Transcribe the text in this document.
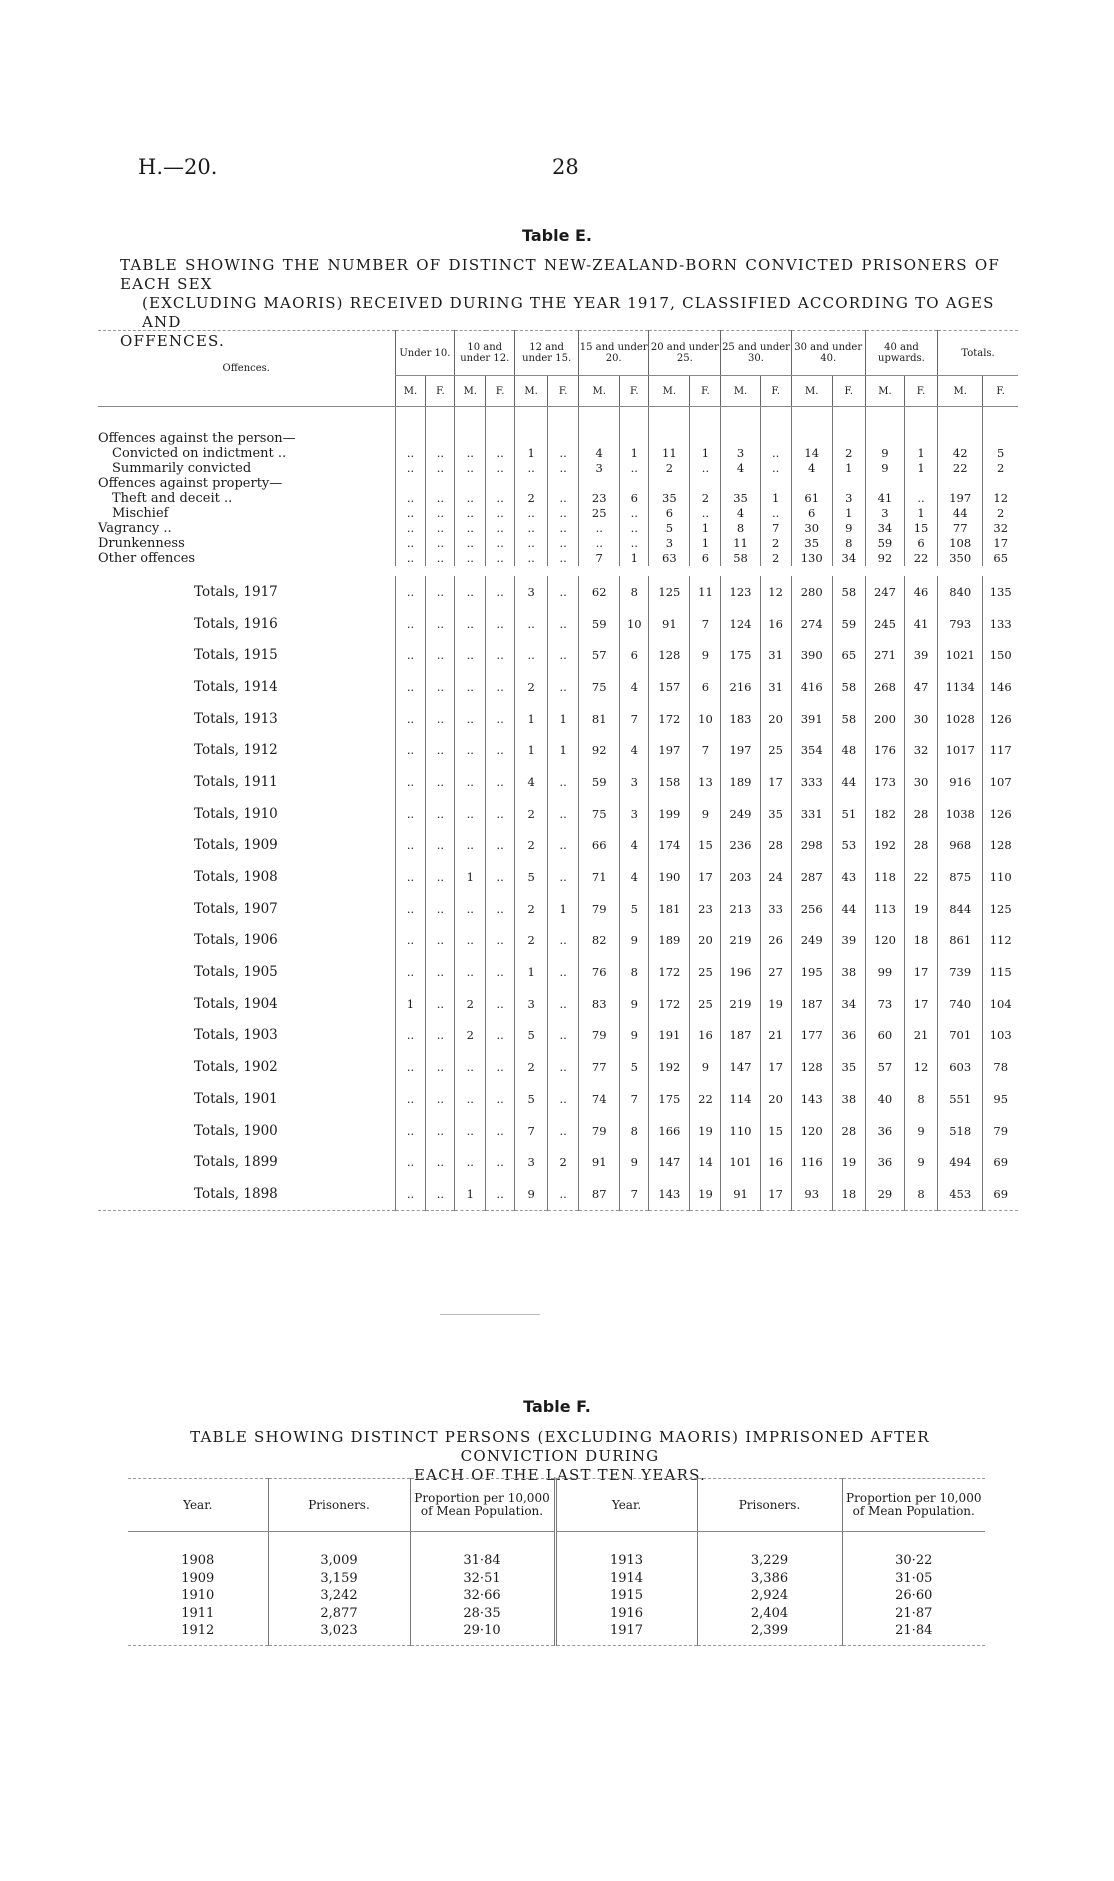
H.—20.	28
Table E.
TABLE SHOWING THE NUMBER OF DISTINCT NEW-ZEALAND-BORN CONVICTED PRISONERS OF EACH SEX
(EXCLUDING MAORIS) RECEIVED DURING THE YEAR 1917, CLASSIFIED ACCORDING TO AGES AND
OFFENCES.
Offences.	Under 10.		10 and under 12.		12 and under 15.		15 and under 20.		20 and under 25.		25 and under 30.		30 and under 40.		40 and upwards.		Totals.	
	M.	F.	M.	F.	M.	F.	M.	F.	M.	F.	M.	F.	M.	F.	M.	F.	M.	F.

Offences against the person—																		
Convicted on indictment ..	..	..	..	..	1	..	4	1	11	1	3	..	14	2	9	1	42	5
Summarily convicted	..	..	..	..	..	..	3	..	2	..	4	..	4	1	9	1	22	2
Offences against property—																		
Theft and deceit ..	..	..	..	..	2	..	23	6	35	2	35	1	61	3	41	..	197	12
Mischief	..	..	..	..	..	..	25	..	6	..	4	..	6	1	3	1	44	2
Vagrancy ..	..	..	..	..	..	..	..	..	5	1	8	7	30	9	34	15	77	32
Drunkenness	..	..	..	..	..	..	..	..	3	1	11	2	35	8	59	6	108	17
Other offences	..	..	..	..	..	..	7	1	63	6	58	2	130	34	92	22	350	65

Totals, 1917	..	..	..	..	3	..	62	8	125	11	123	12	280	58	247	46	840	135
Totals, 1916	..	..	..	..	..	..	59	10	91	7	124	16	274	59	245	41	793	133
Totals, 1915	..	..	..	..	..	..	57	6	128	9	175	31	390	65	271	39	1021	150
Totals, 1914	..	..	..	..	2	..	75	4	157	6	216	31	416	58	268	47	1134	146
Totals, 1913	..	..	..	..	1	1	81	7	172	10	183	20	391	58	200	30	1028	126
Totals, 1912	..	..	..	..	1	1	92	4	197	7	197	25	354	48	176	32	1017	117
Totals, 1911	..	..	..	..	4	..	59	3	158	13	189	17	333	44	173	30	916	107
Totals, 1910	..	..	..	..	2	..	75	3	199	9	249	35	331	51	182	28	1038	126
Totals, 1909	..	..	..	..	2	..	66	4	174	15	236	28	298	53	192	28	968	128
Totals, 1908	..	..	1	..	5	..	71	4	190	17	203	24	287	43	118	22	875	110
Totals, 1907	..	..	..	..	2	1	79	5	181	23	213	33	256	44	113	19	844	125
Totals, 1906	..	..	..	..	2	..	82	9	189	20	219	26	249	39	120	18	861	112
Totals, 1905	..	..	..	..	1	..	76	8	172	25	196	27	195	38	99	17	739	115
Totals, 1904	1	..	2	..	3	..	83	9	172	25	219	19	187	34	73	17	740	104
Totals, 1903	..	..	2	..	5	..	79	9	191	16	187	21	177	36	60	21	701	103
Totals, 1902	..	..	..	..	2	..	77	5	192	9	147	17	128	35	57	12	603	78
Totals, 1901	..	..	..	..	5	..	74	7	175	22	114	20	143	38	40	8	551	95
Totals, 1900	..	..	..	..	7	..	79	8	166	19	110	15	120	28	36	9	518	79
Totals, 1899	..	..	..	..	3	2	91	9	147	14	101	16	116	19	36	9	494	69
Totals, 1898	..	..	1	..	9	..	87	7	143	19	91	17	93	18	29	8	453	69
Table F.
TABLE SHOWING DISTINCT PERSONS (EXCLUDING MAORIS) IMPRISONED AFTER CONVICTION DURING
EACH OF THE LAST TEN YEARS.
Year.	Prisoners.	Proportion per 10,000 of Mean Population.	Year.	Prisoners.	Proportion per 10,000 of Mean Population.

1908	3,009	31·84	1913	3,229	30·22
1909	3,159	32·51	1914	3,386	31·05
1910	3,242	32·66	1915	2,924	26·60
1911	2,877	28·35	1916	2,404	21·87
1912	3,023	29·10	1917	2,399	21·84
